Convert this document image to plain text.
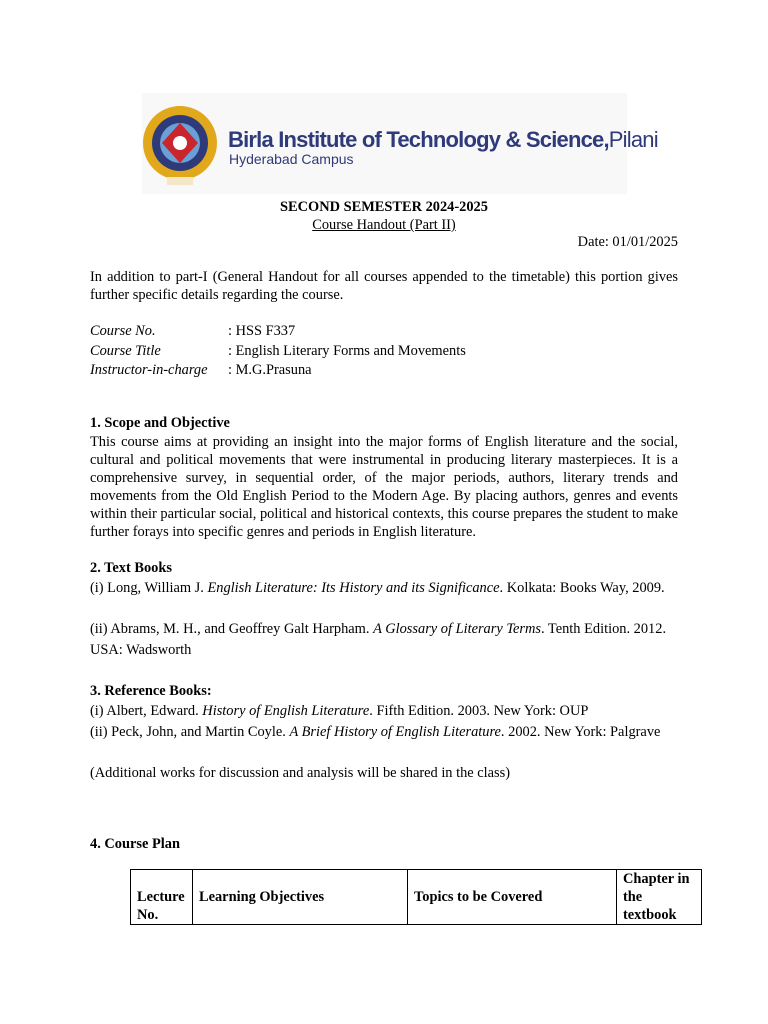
Birla Institute of Technology & Science,Pilani
Hyderabad Campus
SECOND SEMESTER 2024-2025
Course Handout (Part II)
Date: 01/01/2025
In addition to part-I (General Handout for all courses appended to the timetable) this portion gives further specific details regarding the course.
Course No.	: HSS F337
Course Title	: English Literary Forms and Movements
Instructor-in-charge : M.G.Prasuna
1. Scope and Objective
This course aims at providing an insight into the major forms of English literature and the social, cultural and political movements that were instrumental in producing literary masterpieces. It is a comprehensive survey, in sequential order, of the major periods, authors, literary trends and movements from the Old English Period to the Modern Age. By placing authors, genres and events within their particular social, political and historical contexts, this course prepares the student to make further forays into specific genres and periods in English literature.
2. Text Books
(i) Long, William J. English Literature: Its History and its Significance. Kolkata: Books Way, 2009.
(ii) Abrams, M. H., and Geoffrey Galt Harpham. A Glossary of Literary Terms. Tenth Edition. 2012. USA: Wadsworth
3. Reference Books:
(i) Albert, Edward. History of English Literature. Fifth Edition. 2003. New York: OUP
(ii) Peck, John, and Martin Coyle. A Brief History of English Literature. 2002. New York: Palgrave
(Additional works for discussion and analysis will be shared in the class)
4. Course Plan
Lecture No.	Learning Objectives	Topics to be Covered	Chapter in the textbook
